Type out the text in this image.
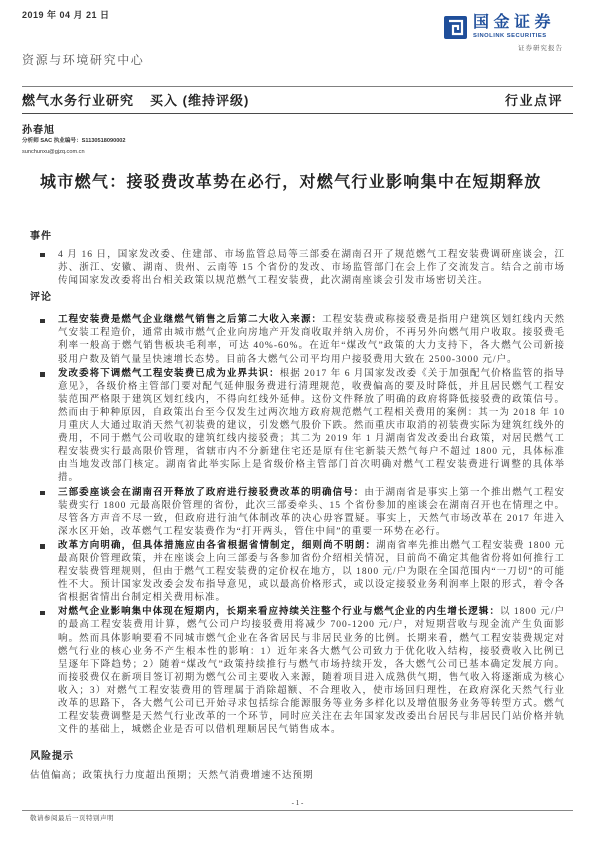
2019 年 04 月 21 日	国金证券
SINOLINK SECURITIES
证券研究报告
资源与环境研究中心
燃气水务行业研究 买入 (维持评级)	行业点评
孙春旭
分析师 SAC 执业编号：S1130518090002
sunchunxu@gjzq.com.cn
城市燃气：接驳费改革势在必行，对燃气行业影响集中在短期释放
事件
4 月 16 日，国家发改委、住建部、市场监管总局等三部委在湖南召开了规范燃气工程安装费调研座谈会，江苏、浙江、安徽、湖南、贵州、云南等 15 个省份的发改、市场监管部门在会上作了交流发言。结合之前市场传闻国家发改委将出台相关政策以规范燃气工程安装费，此次湖南座谈会引发市场密切关注。
评论
工程安装费是燃气企业继燃气销售之后第二大收入来源：工程安装费或称接驳费是指用户建筑区划红线内天然气安装工程造价，通常由城市燃气企业向房地产开发商收取并纳入房价，不再另外向燃气用户收取。接驳费毛利率一般高于燃气销售板块毛利率，可达 40%-60%。在近年“煤改气”政策的大力支持下，各大燃气公司新接驳用户数及销气量呈快速增长态势。目前各大燃气公司平均用户接驳费用大致在 2500-3000 元/户。
发改委将下调燃气工程安装费已成为业界共识：根据 2017 年 6 月国家发改委《关于加强配气价格监管的指导意见》，各级价格主管部门要对配气延伸服务费进行清理规范，收费偏高的要及时降低，并且居民燃气工程安装范围严格限于建筑区划红线内，不得向红线外延伸。这份文件释放了明确的政府将降低接驳费的政策信号。然而由于种种原因，自政策出台至今仅发生过两次地方政府规范燃气工程相关费用的案例：其一为 2018 年 10 月重庆人大通过取消天然气初装费的建议，引发燃气股价下跌。然而重庆市取消的初装费实际为建筑红线外的费用，不同于燃气公司收取的建筑红线内接驳费；其二为 2019 年 1 月湖南省发改委出台政策，对居民燃气工程安装费实行最高限价管理，省辖市内不分新建住宅还是原有住宅新装天然气每户不超过 1800 元，具体标准由当地发改部门核定。湖南省此举实际上是省级价格主管部门首次明确对燃气工程安装费进行调整的具体举措。
三部委座谈会在湖南召开释放了政府进行接驳费改革的明确信号：由于湖南省是事实上第一个推出燃气工程安装费实行 1800 元最高限价管理的省份，此次三部委牵头、15 个省份参加的座谈会在湖南召开也在情理之中。尽管各方声音不尽一致，但政府进行油气体制改革的决心毋容置疑。事实上，天然气市场改革在 2017 年进入深水区开始，改革燃气工程安装费作为“打开两头，管住中间”的重要一环势在必行。
改革方向明确，但具体措施应由各省根据省情制定，细则尚不明朗：湖南省率先推出燃气工程安装费 1800 元最高限价管理政策，并在座谈会上向三部委与各参加省份介绍相关情况，目前尚不确定其他省份将如何推行工程安装费管理规则，但由于燃气工程安装费的定价权在地方，以 1800 元/户为限在全国范围内“一刀切”的可能性不大。预计国家发改委会发布指导意见，或以最高价格形式，或以设定接驳业务利润率上限的形式，着令各省根据省情出台制定相关费用标准。
对燃气企业影响集中体现在短期内，长期来看应持续关注整个行业与燃气企业的内生增长逻辑：以 1800 元/户的最高工程安装费用计算，燃气公司户均接驳费用将减少 700-1200 元/户，对短期营收与现金流产生负面影响。然而具体影响要看不同城市燃气企业在各省居民与非居民业务的比例。长期来看，燃气工程安装费规定对燃气行业的核心业务不产生根本性的影响：1）近年来各大燃气公司致力于优化收入结构，接驳费收入比例已呈逐年下降趋势；2）随着“煤改气”政策持续推行与燃气市场持续开发，各大燃气公司已基本确定发展方向。而接驳费仅在新项目签订初期为燃气公司主要收入来源，随着项目进入成熟供气期，售气收入将逐渐成为核心收入；3）对燃气工程安装费用的管理属于消除超额、不合理收入，使市场回归理性，在政府深化天然气行业改革的思路下，各大燃气公司已开始寻求包括综合能源服务等业务多样化以及增值服务业务等转型方式。燃气工程安装费调整是天然气行业改革的一个环节，同时应关注在去年国家发改委出台居民与非居民门站价格并轨文件的基础上，城燃企业是否可以借机理顺居民气销售成本。
风险提示
估值偏高；政策执行力度超出预期；天然气消费增速不达预期
- 1 -
敬请参阅最后一页特别声明
